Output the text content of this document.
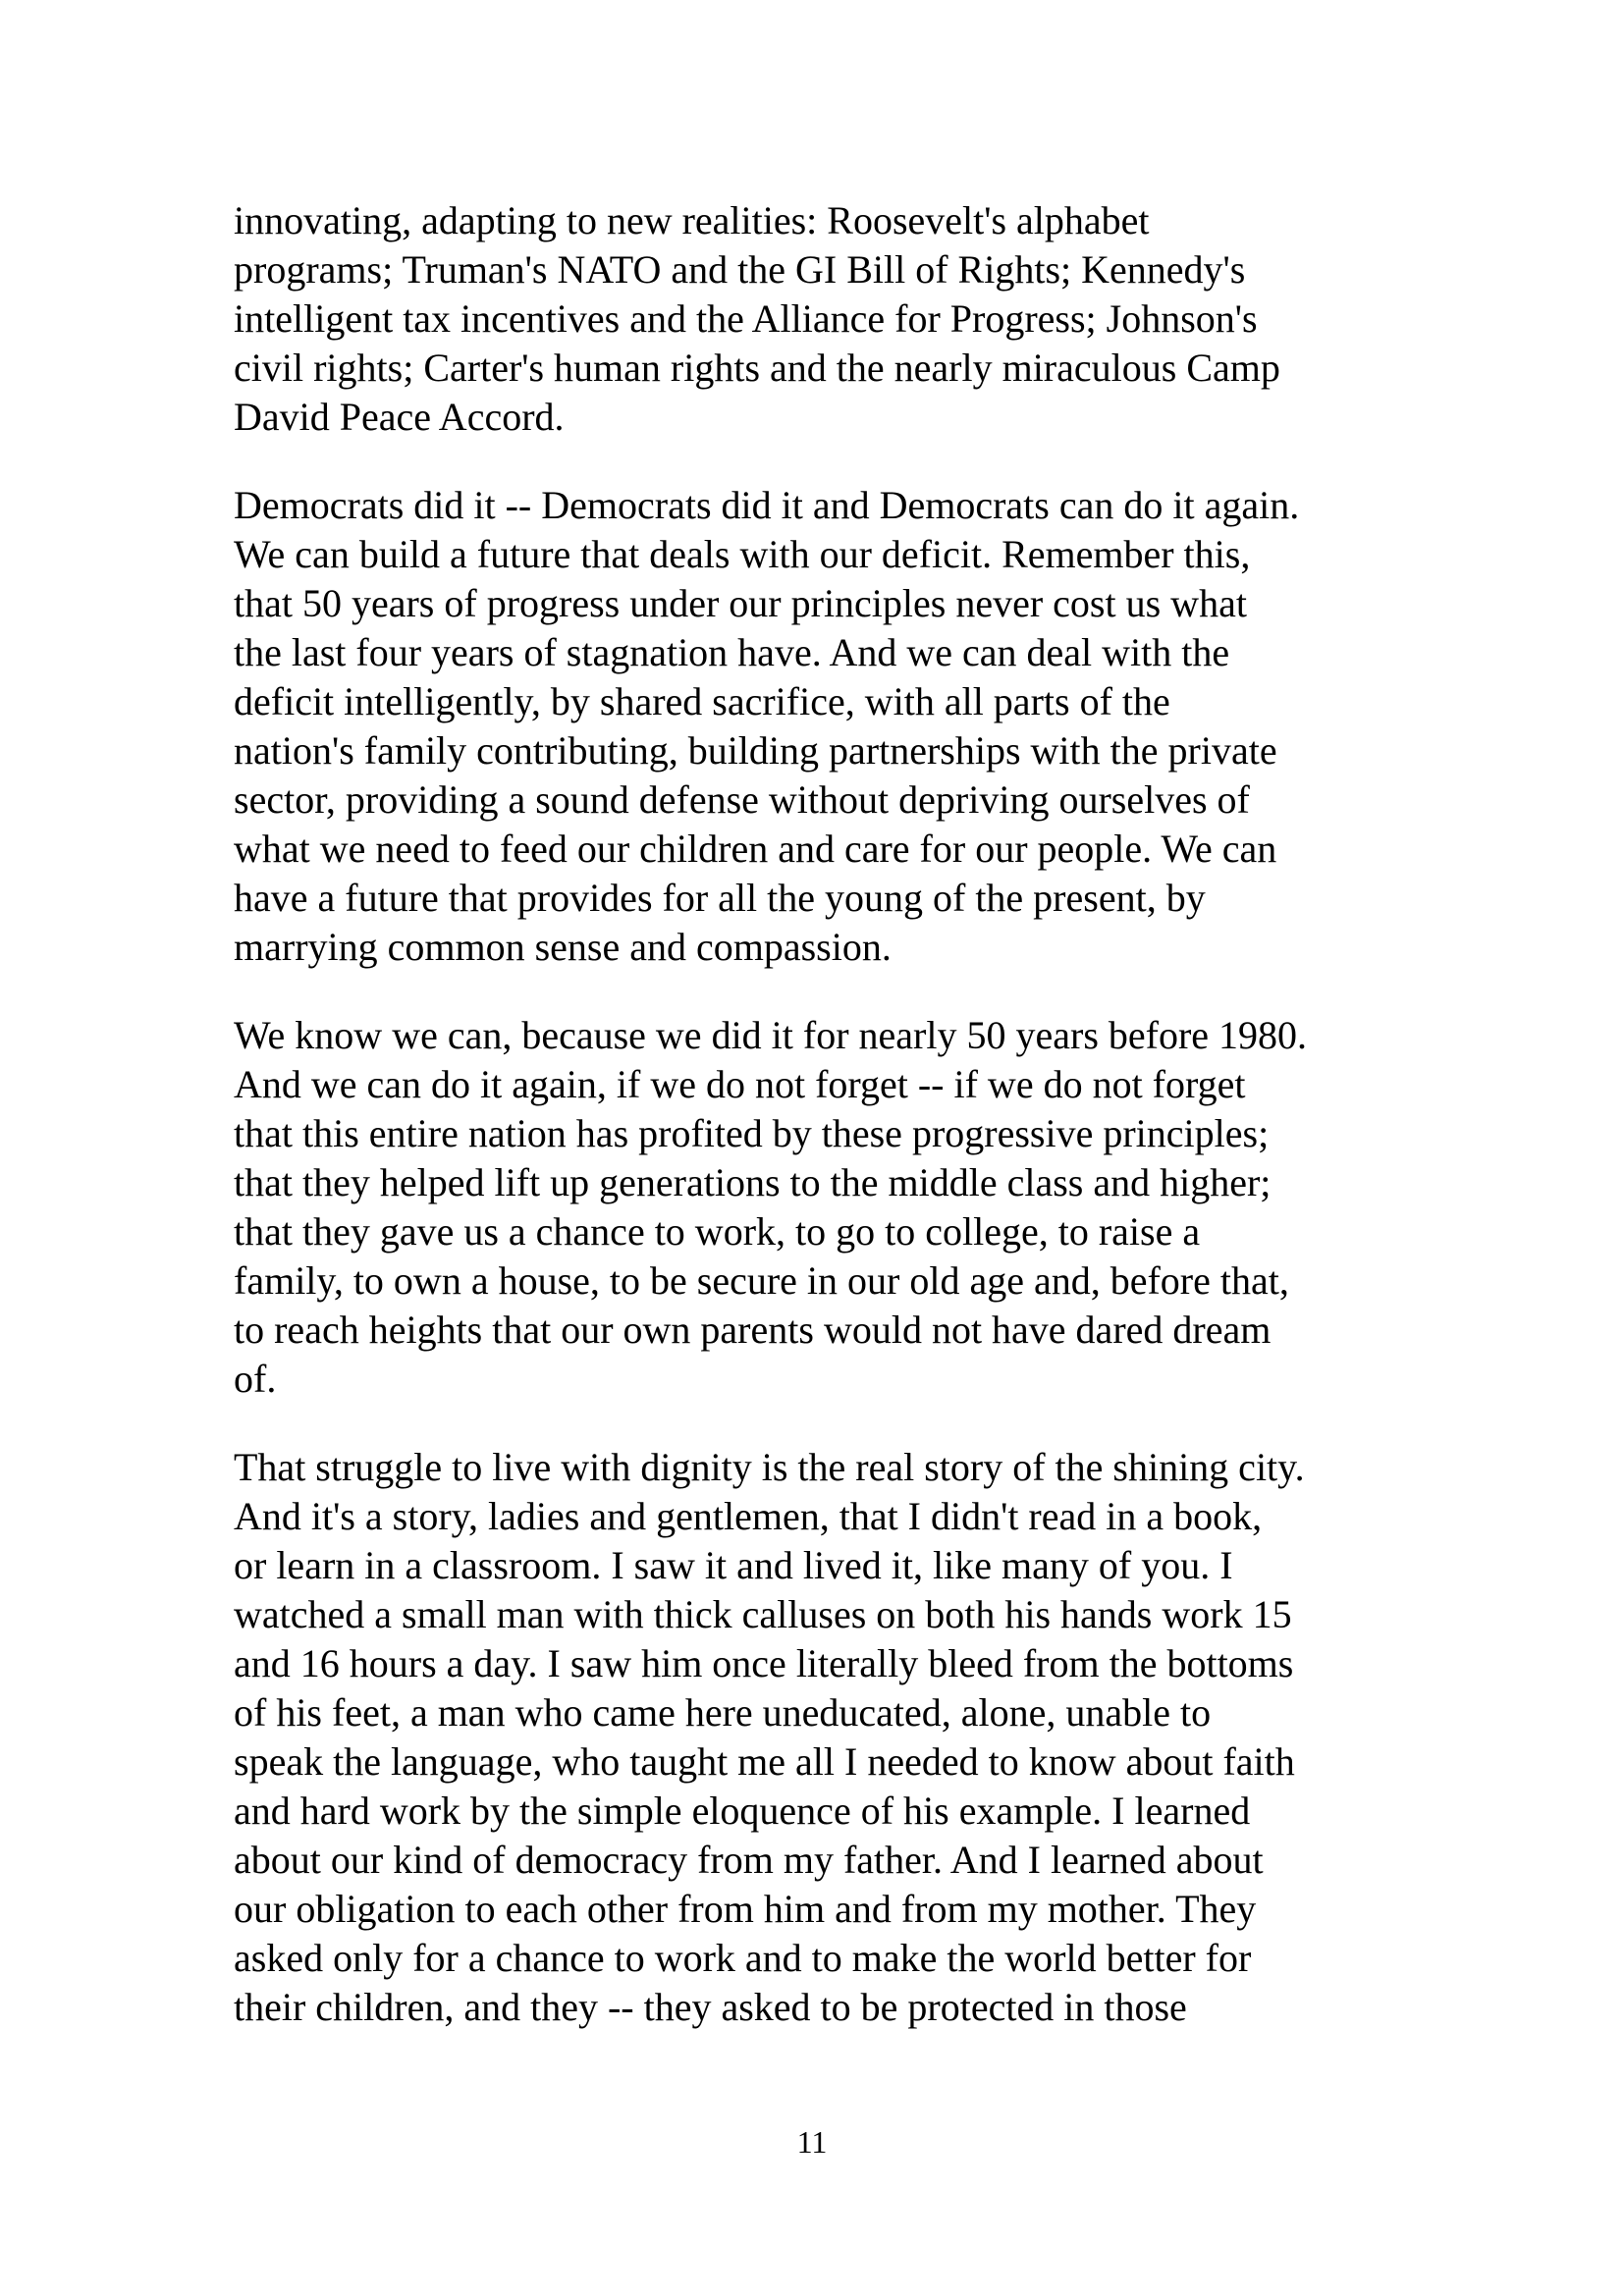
innovating, adapting to new realities: Roosevelt's alphabet
programs; Truman's NATO and the GI Bill of Rights; Kennedy's
intelligent tax incentives and the Alliance for Progress; Johnson's
civil rights; Carter's human rights and the nearly miraculous Camp
David Peace Accord.

Democrats did it -- Democrats did it and Democrats can do it again.
We can build a future that deals with our deficit. Remember this,
that 50 years of progress under our principles never cost us what
the last four years of stagnation have. And we can deal with the
deficit intelligently, by shared sacrifice, with all parts of the
nation's family contributing, building partnerships with the private
sector, providing a sound defense without depriving ourselves of
what we need to feed our children and care for our people. We can
have a future that provides for all the young of the present, by
marrying common sense and compassion.

We know we can, because we did it for nearly 50 years before 1980.
And we can do it again, if we do not forget -- if we do not forget
that this entire nation has profited by these progressive principles;
that they helped lift up generations to the middle class and higher;
that they gave us a chance to work, to go to college, to raise a
family, to own a house, to be secure in our old age and, before that,
to reach heights that our own parents would not have dared dream
of.

That struggle to live with dignity is the real story of the shining city.
And it's a story, ladies and gentlemen, that I didn't read in a book,
or learn in a classroom. I saw it and lived it, like many of you. I
watched a small man with thick calluses on both his hands work 15
and 16 hours a day. I saw him once literally bleed from the bottoms
of his feet, a man who came here uneducated, alone, unable to
speak the language, who taught me all I needed to know about faith
and hard work by the simple eloquence of his example. I learned
about our kind of democracy from my father. And I learned about
our obligation to each other from him and from my mother. They
asked only for a chance to work and to make the world better for
their children, and they -- they asked to be protected in those

11
